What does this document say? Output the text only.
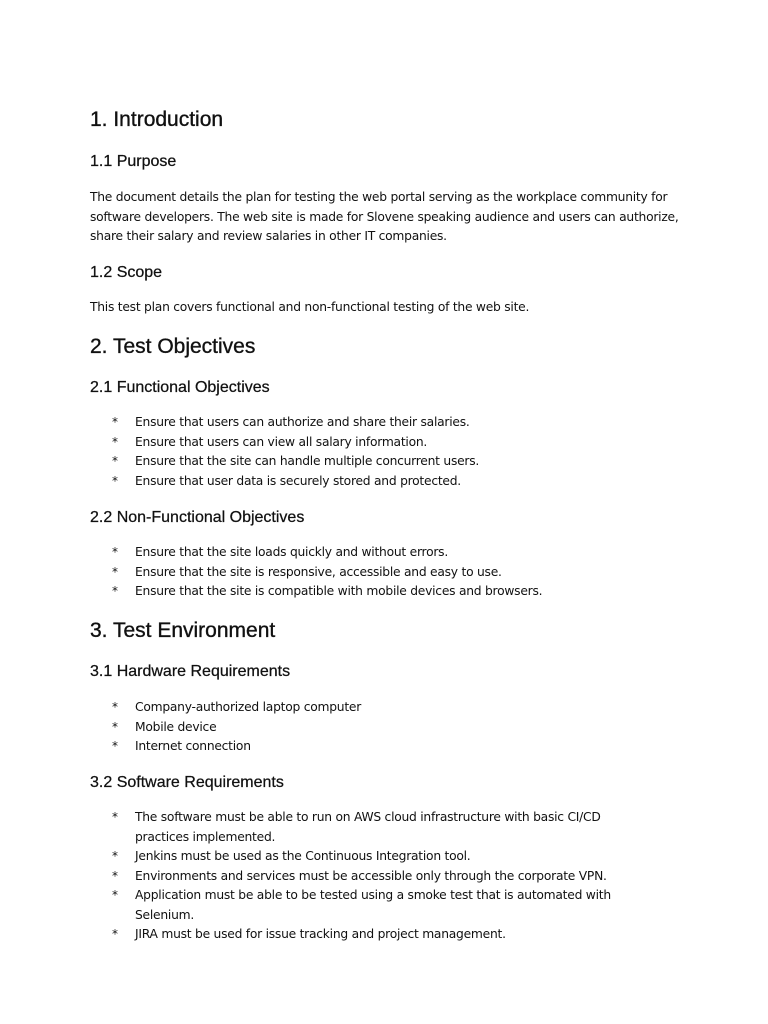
1. Introduction
1.1 Purpose

The document details the plan for testing the web portal serving as the workplace community for software developers. The web site is made for Slovene speaking audience and users can authorize, share their salary and review salaries in other IT companies.

1.2 Scope

This test plan covers functional and non-functional testing of the web site.

2. Test Objectives
2.1 Functional Objectives
* Ensure that users can authorize and share their salaries.
* Ensure that users can view all salary information.
* Ensure that the site can handle multiple concurrent users.
* Ensure that user data is securely stored and protected.
2.2 Non-Functional Objectives
* Ensure that the site loads quickly and without errors.
* Ensure that the site is responsive, accessible and easy to use.
* Ensure that the site is compatible with mobile devices and browsers.
3. Test Environment
3.1 Hardware Requirements
* Company-authorized laptop computer
* Mobile device
* Internet connection
3.2 Software Requirements
* The software must be able to run on AWS cloud infrastructure with basic CI/CD practices implemented.
* Jenkins must be used as the Continuous Integration tool.
* Environments and services must be accessible only through the corporate VPN.
* Application must be able to be tested using a smoke test that is automated with Selenium.
* JIRA must be used for issue tracking and project management.
